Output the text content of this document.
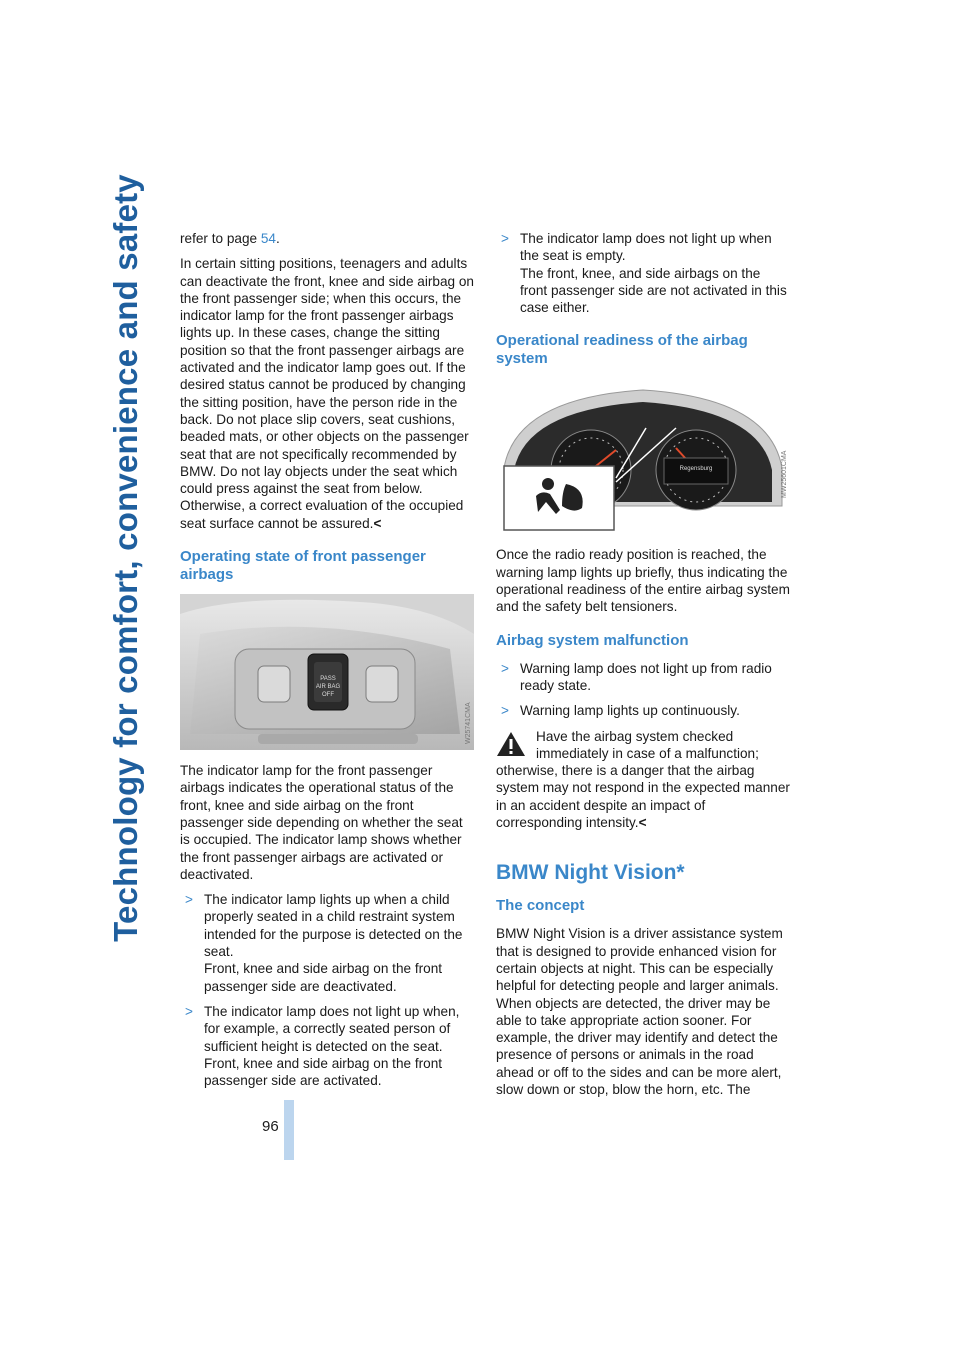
Technology for comfort, convenience and safety
96

refer to page 54.

In certain sitting positions, teenagers and adults can deactivate the front, knee and side airbag on the front passenger side; when this occurs, the indicator lamp for the front passenger airbags lights up. In these cases, change the sitting position so that the front passenger airbags are activated and the indicator lamp goes out. If the desired status cannot be produced by changing the sitting position, have the person ride in the back. Do not place slip covers, seat cushions, beaded mats, or other objects on the passenger seat that are not specifically recommended by BMW. Do not lay objects under the seat which could press against the seat from below. Otherwise, a correct evaluation of the occupied seat surface cannot be assured.<

Operating state of front passenger airbags
PASS
AIR BAG
OFF
W25741CMA

The indicator lamp for the front passenger airbags indicates the operational status of the front, knee and side airbag on the front passenger side depending on whether the seat is occupied. The indicator lamp shows whether the front passenger airbags are activated or deactivated.

> The indicator lamp lights up when a child properly seated in a child restraint system intended for the purpose is detected on the seat.
Front, knee and side airbag on the front passenger side are deactivated.
> The indicator lamp does not light up when, for example, a correctly seated person of sufficient height is detected on the seat.
Front, knee and side airbag on the front passenger side are activated.
> The indicator lamp does not light up when the seat is empty.
The front, knee, and side airbags on the front passenger side are not activated in this case either.
Operational readiness of the airbag system
Regensburg	MW25601CMA

Once the radio ready position is reached, the warning lamp lights up briefly, thus indicating the operational readiness of the entire airbag system and the safety belt tensioners.

Airbag system malfunction
> Warning lamp does not light up from radio ready state.
> Warning lamp lights up continuously.
Have the airbag system checked immediately in case of a malfunction; otherwise, there is a danger that the airbag system may not respond in the expected manner in an accident despite an impact of corresponding intensity.<
BMW Night Vision*
The concept

BMW Night Vision is a driver assistance system that is designed to provide enhanced vision for certain objects at night. This can be especially helpful for detecting people and larger animals. When objects are detected, the driver may be able to take appropriate action sooner. For example, the driver may identify and detect the presence of persons or animals in the road ahead or off to the sides and can be more alert, slow down or stop, blow the horn, etc. The
